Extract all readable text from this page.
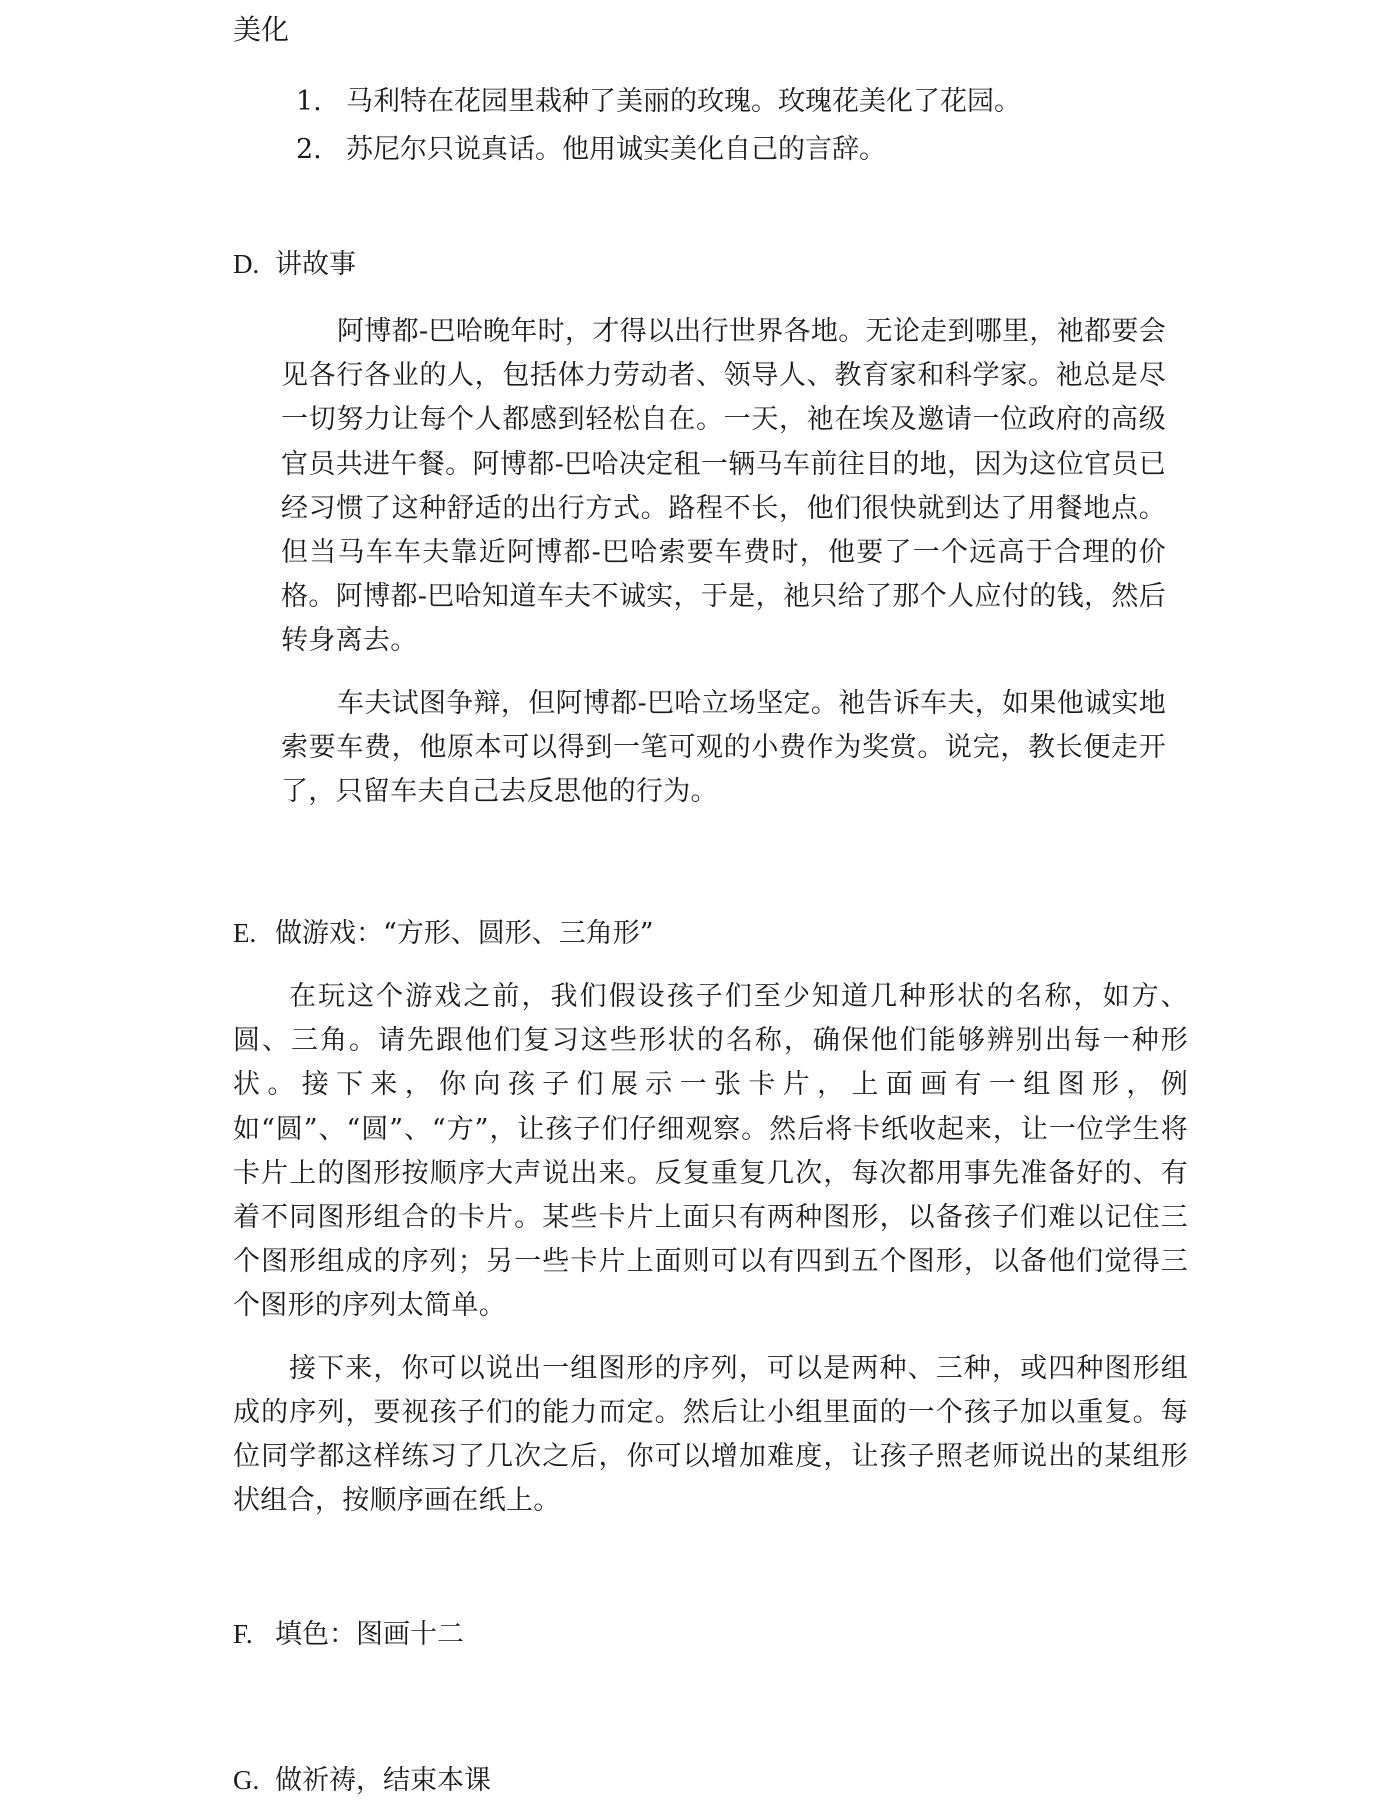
美化
1. 马利特在花园里栽种了美丽的玫瑰。玫瑰花美化了花园。
2. 苏尼尔只说真话。他用诚实美化自己的言辞。
D. 讲故事

阿博都-巴哈晚年时，才得以出行世界各地。无论走到哪里，祂都要会见各行各业的人，包括体力劳动者、领导人、教育家和科学家。祂总是尽一切努力让每个人都感到轻松自在。一天，祂在埃及邀请一位政府的高级官员共进午餐。阿博都-巴哈决定租一辆马车前往目的地，因为这位官员已经习惯了这种舒适的出行方式。路程不长，他们很快就到达了用餐地点。但当马车车夫靠近阿博都-巴哈索要车费时，他要了一个远高于合理的价格。阿博都-巴哈知道车夫不诚实，于是，祂只给了那个人应付的钱，然后转身离去。

车夫试图争辩，但阿博都-巴哈立场坚定。祂告诉车夫，如果他诚实地索要车费，他原本可以得到一笔可观的小费作为奖赏。说完，教长便走开了，只留车夫自己去反思他的行为。

E. 做游戏：“方形、圆形、三角形”

在玩这个游戏之前，我们假设孩子们至少知道几种形状的名称，如方、圆、三角。请先跟他们复习这些形状的名称，确保他们能够辨别出每一种形状。接下来，你向孩子们展示一张卡片，上面画有一组图形，例如“圆”、“圆”、“方”，让孩子们仔细观察。然后将卡纸收起来，让一位学生将卡片上的图形按顺序大声说出来。反复重复几次，每次都用事先准备好的、有着不同图形组合的卡片。某些卡片上面只有两种图形，以备孩子们难以记住三个图形组成的序列；另一些卡片上面则可以有四到五个图形，以备他们觉得三个图形的序列太简单。

接下来，你可以说出一组图形的序列，可以是两种、三种，或四种图形组成的序列，要视孩子们的能力而定。然后让小组里面的一个孩子加以重复。每位同学都这样练习了几次之后，你可以增加难度，让孩子照老师说出的某组形状组合，按顺序画在纸上。

F. 填色：图画十二
G. 做祈祷，结束本课
